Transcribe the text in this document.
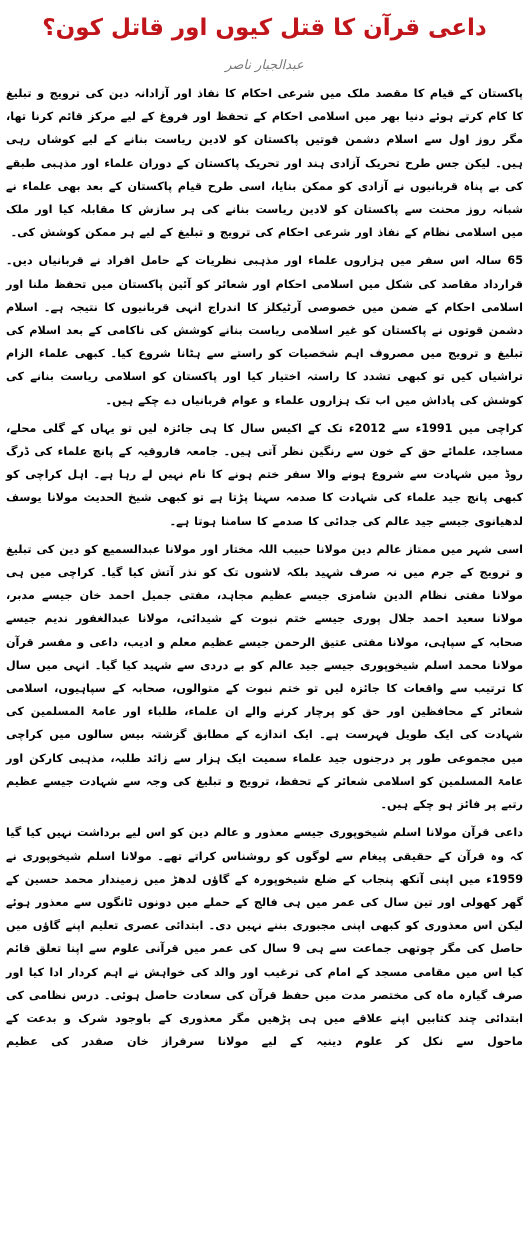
داعی قرآن کا قتل کیوں اور قاتل کون؟
عبدالجبار ناصر

پاکستان کے قیام کا مقصد ملک میں شرعی احکام کا نفاذ اور آزادانہ دین کی ترویج و تبلیغ کا کام کرتے ہوئے دنیا بھر میں اسلامی احکام کے تحفظ اور فروغ کے لیے مرکز قائم کرنا تھا، مگر روز اول سے اسلام دشمن قوتیں پاکستان کو لادین ریاست بنانے کے لیے کوشاں رہی ہیں۔ لیکن جس طرح تحریک آزادی ہند اور تحریک پاکستان کے دوران علماء اور مذہبی طبقے کی بے پناہ قربانیوں نے آزادی کو ممکن بنایا، اسی طرح قیام پاکستان کے بعد بھی علماء نے شبانہ روز محنت سے پاکستان کو لادین ریاست بنانے کی ہر سازش کا مقابلہ کیا اور ملک میں اسلامی نظام کے نفاذ اور شرعی احکام کی ترویج و تبلیغ کے لیے ہر ممکن کوشش کی۔

65 سالہ اس سفر میں ہزاروں علماء اور مذہبی نظریات کے حامل افراد نے قربانیاں دیں۔ قرارداد مقاصد کی شکل میں اسلامی احکام اور شعائر کو آئین پاکستان میں تحفظ ملنا اور اسلامی احکام کے ضمن میں خصوصی آرٹیکلز کا اندراج انہی قربانیوں کا نتیجہ ہے۔ اسلام دشمن قوتوں نے پاکستان کو غیر اسلامی ریاست بنانے کوشش کی ناکامی کے بعد اسلام کی تبلیغ و ترویج میں مصروف اہم شخصیات کو راستے سے ہٹانا شروع کیا۔ کبھی علماء الزام تراشیاں کیں تو کبھی تشدد کا راستہ اختیار کیا اور پاکستان کو اسلامی ریاست بنانے کی کوشش کی پاداش میں اب تک ہزاروں علماء و عوام قربانیاں دے چکے ہیں۔

کراچی میں 1991ء سے 2012ء تک کے اکیس سال کا ہی جائزہ لیں تو یہاں کے گلی محلے، مساجد، علمائے حق کے خون سے رنگین نظر آتی ہیں۔ جامعہ فاروقیہ کے پانچ علماء کی ڈرگ روڈ میں شہادت سے شروع ہونے والا سفر ختم ہونے کا نام نہیں لے رہا ہے۔ اہل کراچی کو کبھی پانچ جید علماء کی شہادت کا صدمہ سہنا پڑتا ہے تو کبھی شیخ الحدیث مولانا یوسف لدھیانوی جیسے جید عالم کی جدائی کا صدمے کا سامنا ہوتا ہے۔

اسی شہر میں ممتاز عالم دین مولانا حبیب اللہ مختار اور مولانا عبدالسمیع کو دین کی تبلیغ و ترویج کے جرم میں نہ صرف شہید بلکہ لاشوں تک کو نذر آتش کیا گیا۔ کراچی میں ہی مولانا مفتی نظام الدین شامزی جیسے عظیم مجاہد، مفتی جمیل احمد خان جیسے مدبر، مولانا سعید احمد جلال پوری جیسے ختم نبوت کے شیدائی، مولانا عبدالغفور ندیم جیسے صحابہ کے سپاہی، مولانا مفتی عتیق الرحمن جیسے عظیم معلم و ادیب، داعی و مفسر قرآن مولانا محمد اسلم شیخوپوری جیسے جید عالم کو بے دردی سے شہید کیا گیا۔ انہی میں سال کا ترتیب سے واقعات کا جائزہ لیں تو ختم نبوت کے متوالوں، صحابہ کے سپاہیوں، اسلامی شعائر کے محافظین اور حق کو پرچار کرنے والے ان علماء، طلباء اور عامۃ المسلمین کی شہادت کی ایک طویل فہرست ہے۔ ایک اندازے کے مطابق گزشتہ بیس سالوں میں کراچی میں مجموعی طور پر درجنوں جید علماء سمیت ایک ہزار سے زائد طلبہ، مذہبی کارکن اور عامۃ المسلمین کو اسلامی شعائر کے تحفظ، ترویج و تبلیغ کی وجہ سے شہادت جیسے عظیم رتبے پر فائز ہو چکے ہیں۔

داعی قرآن مولانا اسلم شیخوپوری جیسے معذور و عالم دین کو اس لیے برداشت نہیں کیا گیا کہ وہ قرآن کے حقیقی پیغام سے لوگوں کو روشناس کراتے تھے۔ مولانا اسلم شیخوپوری نے 1959ء میں اپنی آنکھ پنجاب کے ضلع شیخوپورہ کے گاؤں لدھڑ میں زمیندار محمد حسین کے گھر کھولی اور تین سال کی عمر میں ہی فالج کے حملے میں دونوں ٹانگوں سے معذور ہوئے لیکن اس معذوری کو کبھی اپنی مجبوری بننے نہیں دی۔ ابتدائی عصری تعلیم اپنے گاؤں میں حاصل کی مگر چوتھی جماعت سے ہی 9 سال کی عمر میں قرآنی علوم سے اپنا تعلق قائم کیا اس میں مقامی مسجد کے امام کی ترغیب اور والد کی خواہش نے اہم کردار ادا کیا اور صرف گیارہ ماہ کی مختصر مدت میں حفظ قرآن کی سعادت حاصل ہوئی۔ درس نظامی کی ابتدائی چند کتابیں اپنے علاقے میں ہی پڑھیں مگر معذوری کے باوجود شرک و بدعت کے ماحول سے نکل کر علوم دینیہ کے لیے مولانا سرفراز خان صفدر کی عظیم
